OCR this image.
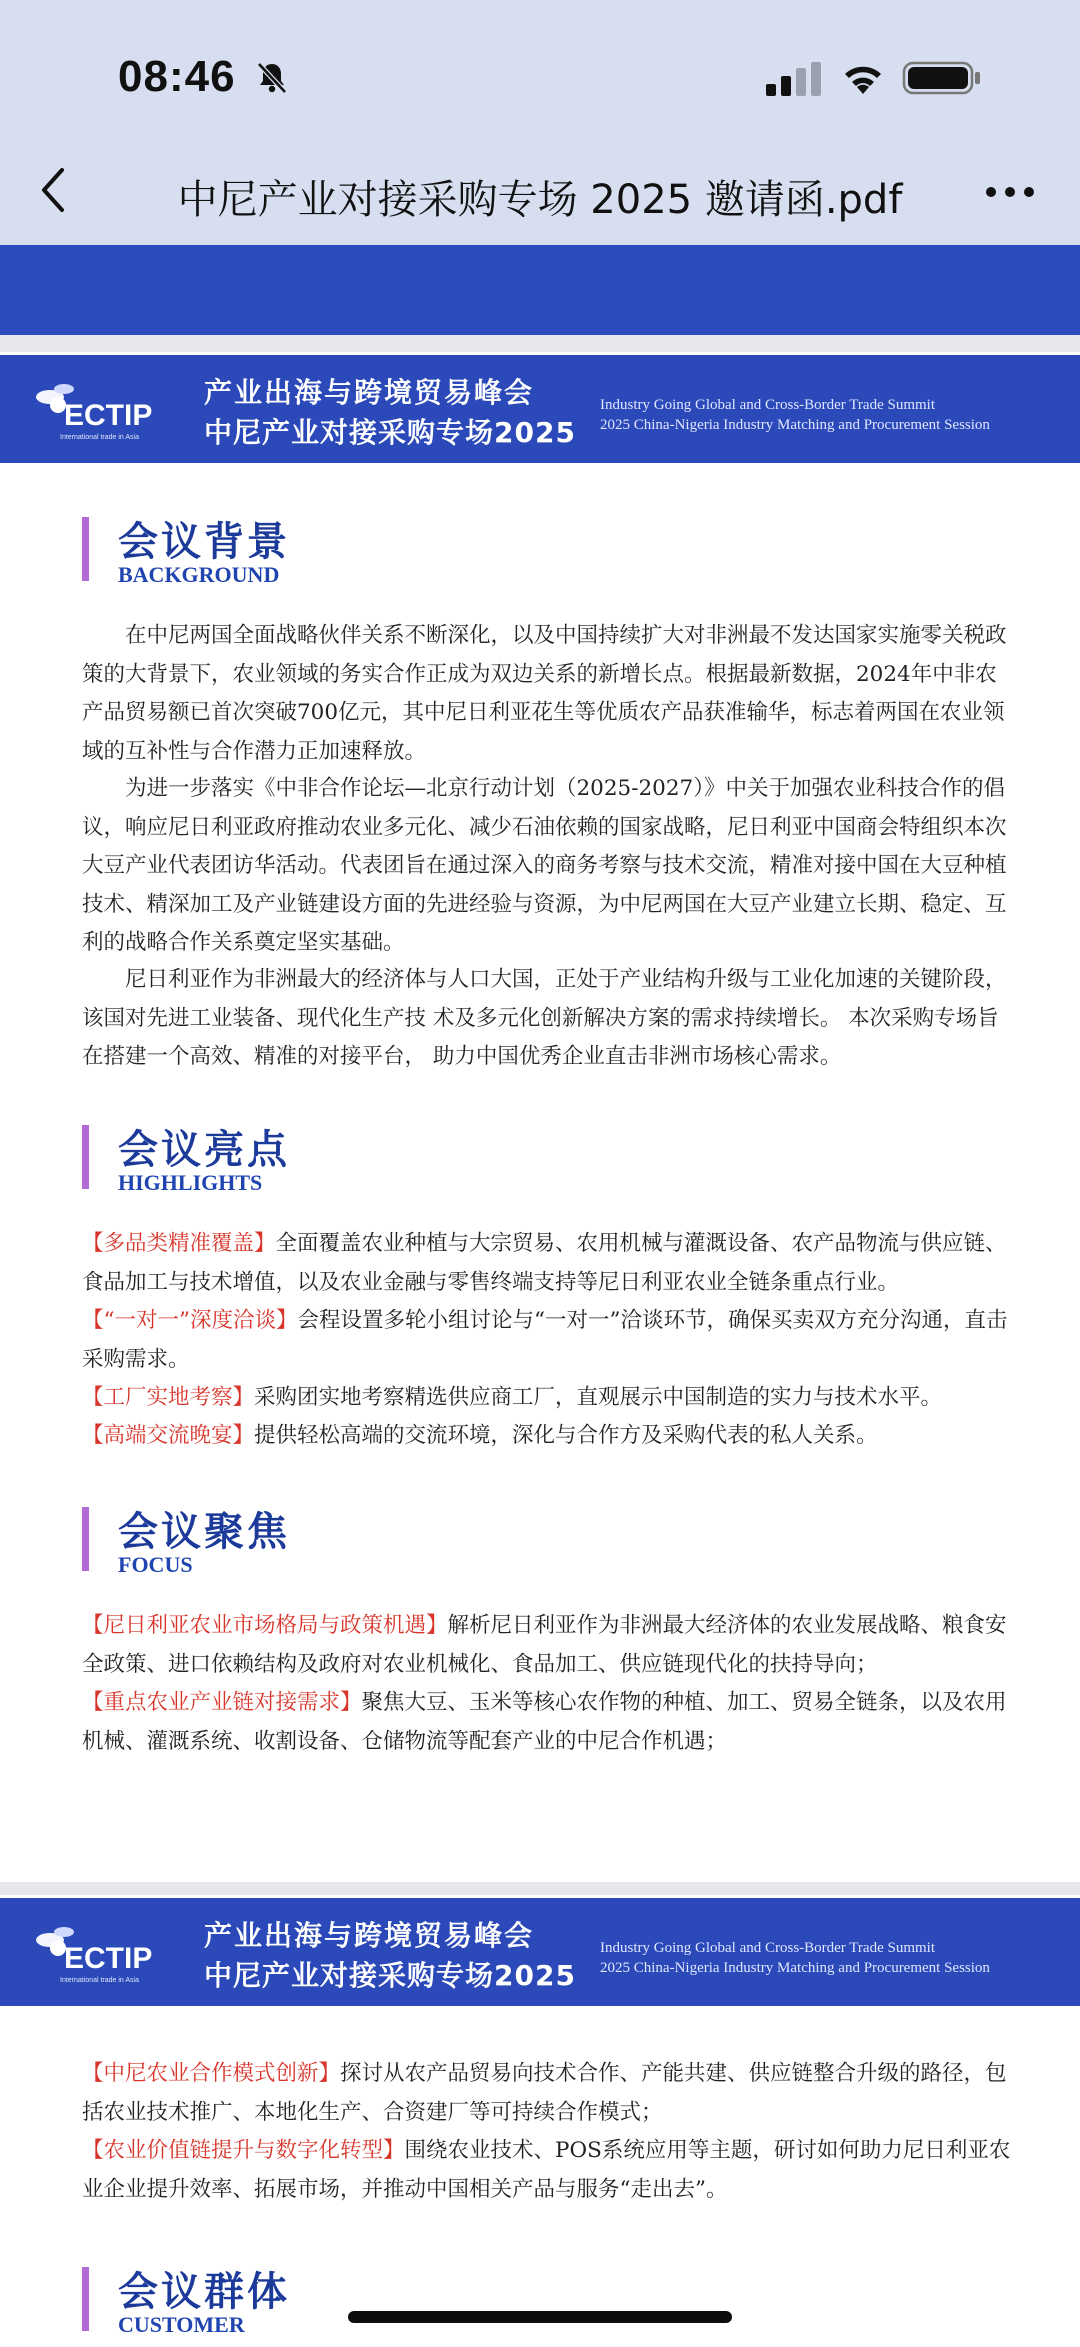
08:46
中尼产业对接采购专场 2025 邀请函.pdf
ECTIP
International trade in Asia
产业出海与跨境贸易峰会
中尼产业对接采购专场2025
Industry Going Global and Cross-Border Trade Summit
2025 China-Nigeria Industry Matching and Procurement Session
会议背景
BACKGROUND
在中尼两国全面战略伙伴关系不断深化，以及中国持续扩大对非洲最不发达国家实施零关税政策的大背景下，农业领域的务实合作正成为双边关系的新增长点。根据最新数据，2024年中非农产品贸易额已首次突破700亿元，其中尼日利亚花生等优质农产品获准输华，标志着两国在农业领域的互补性与合作潜力正加速释放。
为进一步落实《中非合作论坛—北京行动计划（2025-2027）》中关于加强农业科技合作的倡议，响应尼日利亚政府推动农业多元化、减少石油依赖的国家战略，尼日利亚中国商会特组织本次大豆产业代表团访华活动。代表团旨在通过深入的商务考察与技术交流，精准对接中国在大豆种植技术、精深加工及产业链建设方面的先进经验与资源，为中尼两国在大豆产业建立长期、稳定、互利的战略合作关系奠定坚实基础。
尼日利亚作为非洲最大的经济体与人口大国，正处于产业结构升级与工业化加速的关键阶段，该国对先进工业装备、现代化生产技 术及多元化创新解决方案的需求持续增长。 本次采购专场旨在搭建一个高效、精准的对接平台， 助力中国优秀企业直击非洲市场核心需求。
会议亮点
HIGHLIGHTS
【多品类精准覆盖】全面覆盖农业种植与大宗贸易、农用机械与灌溉设备、农产品物流与供应链、食品加工与技术增值，以及农业金融与零售终端支持等尼日利亚农业全链条重点行业。
【“一对一”深度洽谈】会程设置多轮小组讨论与“一对一”洽谈环节，确保买卖双方充分沟通，直击采购需求。
【工厂实地考察】采购团实地考察精选供应商工厂，直观展示中国制造的实力与技术水平。
【高端交流晚宴】提供轻松高端的交流环境，深化与合作方及采购代表的私人关系。
会议聚焦
FOCUS
【尼日利亚农业市场格局与政策机遇】解析尼日利亚作为非洲最大经济体的农业发展战略、粮食安全政策、进口依赖结构及政府对农业机械化、食品加工、供应链现代化的扶持导向；
【重点农业产业链对接需求】聚焦大豆、玉米等核心农作物的种植、加工、贸易全链条，以及农用机械、灌溉系统、收割设备、仓储物流等配套产业的中尼合作机遇；
ECTIP
International trade in Asia
产业出海与跨境贸易峰会
中尼产业对接采购专场2025
Industry Going Global and Cross-Border Trade Summit
2025 China-Nigeria Industry Matching and Procurement Session
【中尼农业合作模式创新】探讨从农产品贸易向技术合作、产能共建、供应链整合升级的路径，包括农业技术推广、本地化生产、合资建厂等可持续合作模式；
【农业价值链提升与数字化转型】围绕农业技术、POS系统应用等主题，研讨如何助力尼日利亚农业企业提升效率、拓展市场，并推动中国相关产品与服务“走出去”。
会议群体
CUSTOMER
